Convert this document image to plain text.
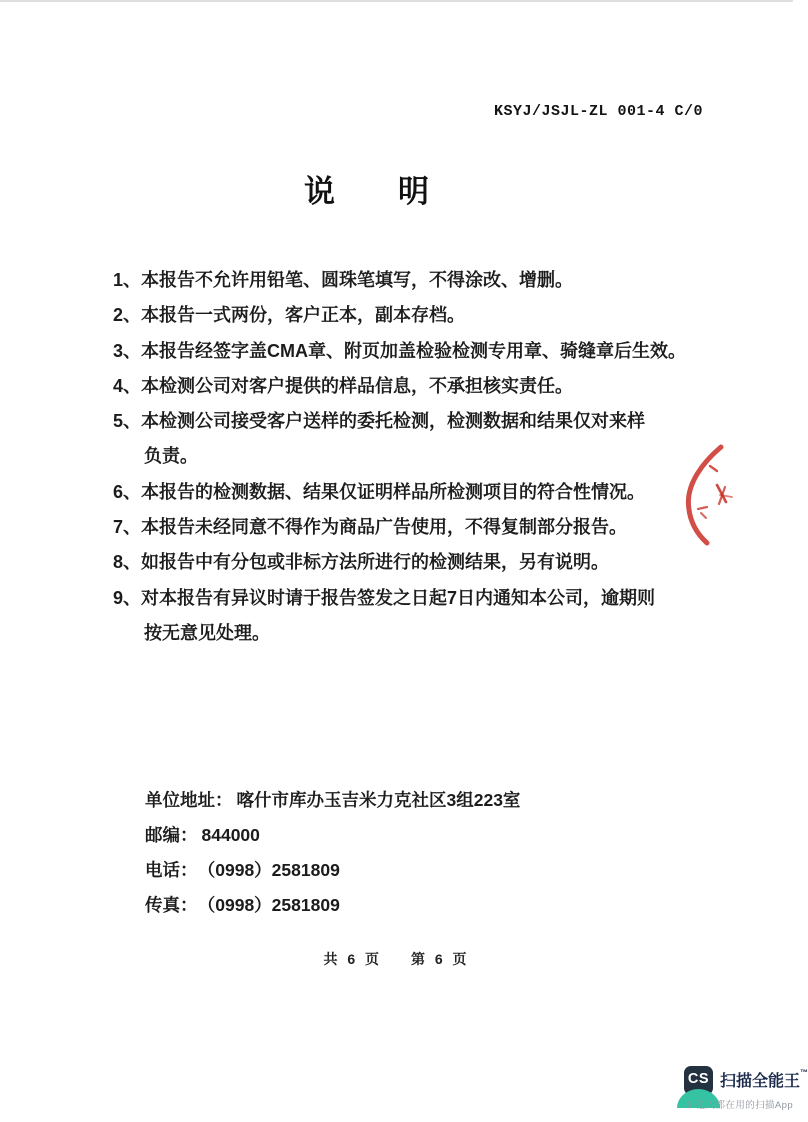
KSYJ/JSJL-ZL 001-4 C/0
说 明
1、本报告不允许用铅笔、圆珠笔填写，不得涂改、增删。
2、本报告一式两份，客户正本，副本存档。
3、本报告经签字盖CMA章、附页加盖检验检测专用章、骑缝章后生效。
4、本检测公司对客户提供的样品信息，不承担核实责任。
5、本检测公司接受客户送样的委托检测，检测数据和结果仅对来样
负责。
6、本报告的检测数据、结果仅证明样品所检测项目的符合性情况。
7、本报告未经同意不得作为商品广告使用，不得复制部分报告。
8、如报告中有分包或非标方法所进行的检测结果，另有说明。
9、对本报告有异议时请于报告签发之日起7日内通知本公司，逾期则
按无意见处理。
单位地址： 喀什市库办玉吉米力克社区3组223室
邮编： 844000
电话： （0998）2581809
传真： （0998）2581809
共 6 页 第 6 页
CS 扫描全能王™
3 亿人都在用的扫描App
